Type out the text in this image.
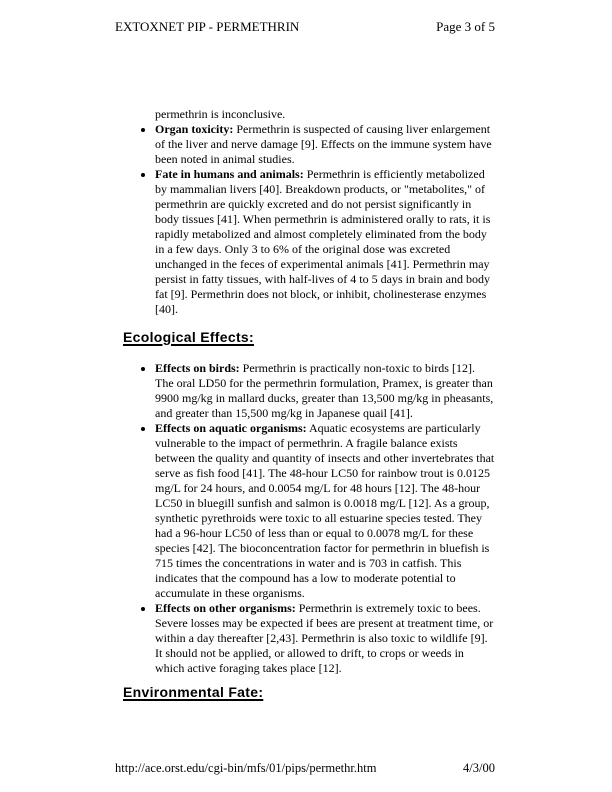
EXTOXNET PIP - PERMETHRIN	Page 3 of 5

permethrin is inconclusive.

• Organ toxicity: Permethrin is suspected of causing liver enlargement of the liver and nerve damage [9]. Effects on the immune system have been noted in animal studies.
• Fate in humans and animals: Permethrin is efficiently metabolized by mammalian livers [40]. Breakdown products, or "metabolites," of permethrin are quickly excreted and do not persist significantly in body tissues [41]. When permethrin is administered orally to rats, it is rapidly metabolized and almost completely eliminated from the body in a few days. Only 3 to 6% of the original dose was excreted unchanged in the feces of experimental animals [41]. Permethrin may persist in fatty tissues, with half-lives of 4 to 5 days in brain and body fat [9]. Permethrin does not block, or inhibit, cholinesterase enzymes [40].
Ecological Effects:
• Effects on birds: Permethrin is practically non-toxic to birds [12]. The oral LD50 for the permethrin formulation, Pramex, is greater than 9900 mg/kg in mallard ducks, greater than 13,500 mg/kg in pheasants, and greater than 15,500 mg/kg in Japanese quail [41].
• Effects on aquatic organisms: Aquatic ecosystems are particularly vulnerable to the impact of permethrin. A fragile balance exists between the quality and quantity of insects and other invertebrates that serve as fish food [41]. The 48-hour LC50 for rainbow trout is 0.0125 mg/L for 24 hours, and 0.0054 mg/L for 48 hours [12]. The 48-hour LC50 in bluegill sunfish and salmon is 0.0018 mg/L [12]. As a group, synthetic pyrethroids were toxic to all estuarine species tested. They had a 96-hour LC50 of less than or equal to 0.0078 mg/L for these species [42]. The bioconcentration factor for permethrin in bluefish is 715 times the concentrations in water and is 703 in catfish. This indicates that the compound has a low to moderate potential to accumulate in these organisms.
• Effects on other organisms: Permethrin is extremely toxic to bees. Severe losses may be expected if bees are present at treatment time, or within a day thereafter [2,43]. Permethrin is also toxic to wildlife [9]. It should not be applied, or allowed to drift, to crops or weeds in which active foraging takes place [12].
Environmental Fate:
http://ace.orst.edu/cgi-bin/mfs/01/pips/permethr.htm	4/3/00
